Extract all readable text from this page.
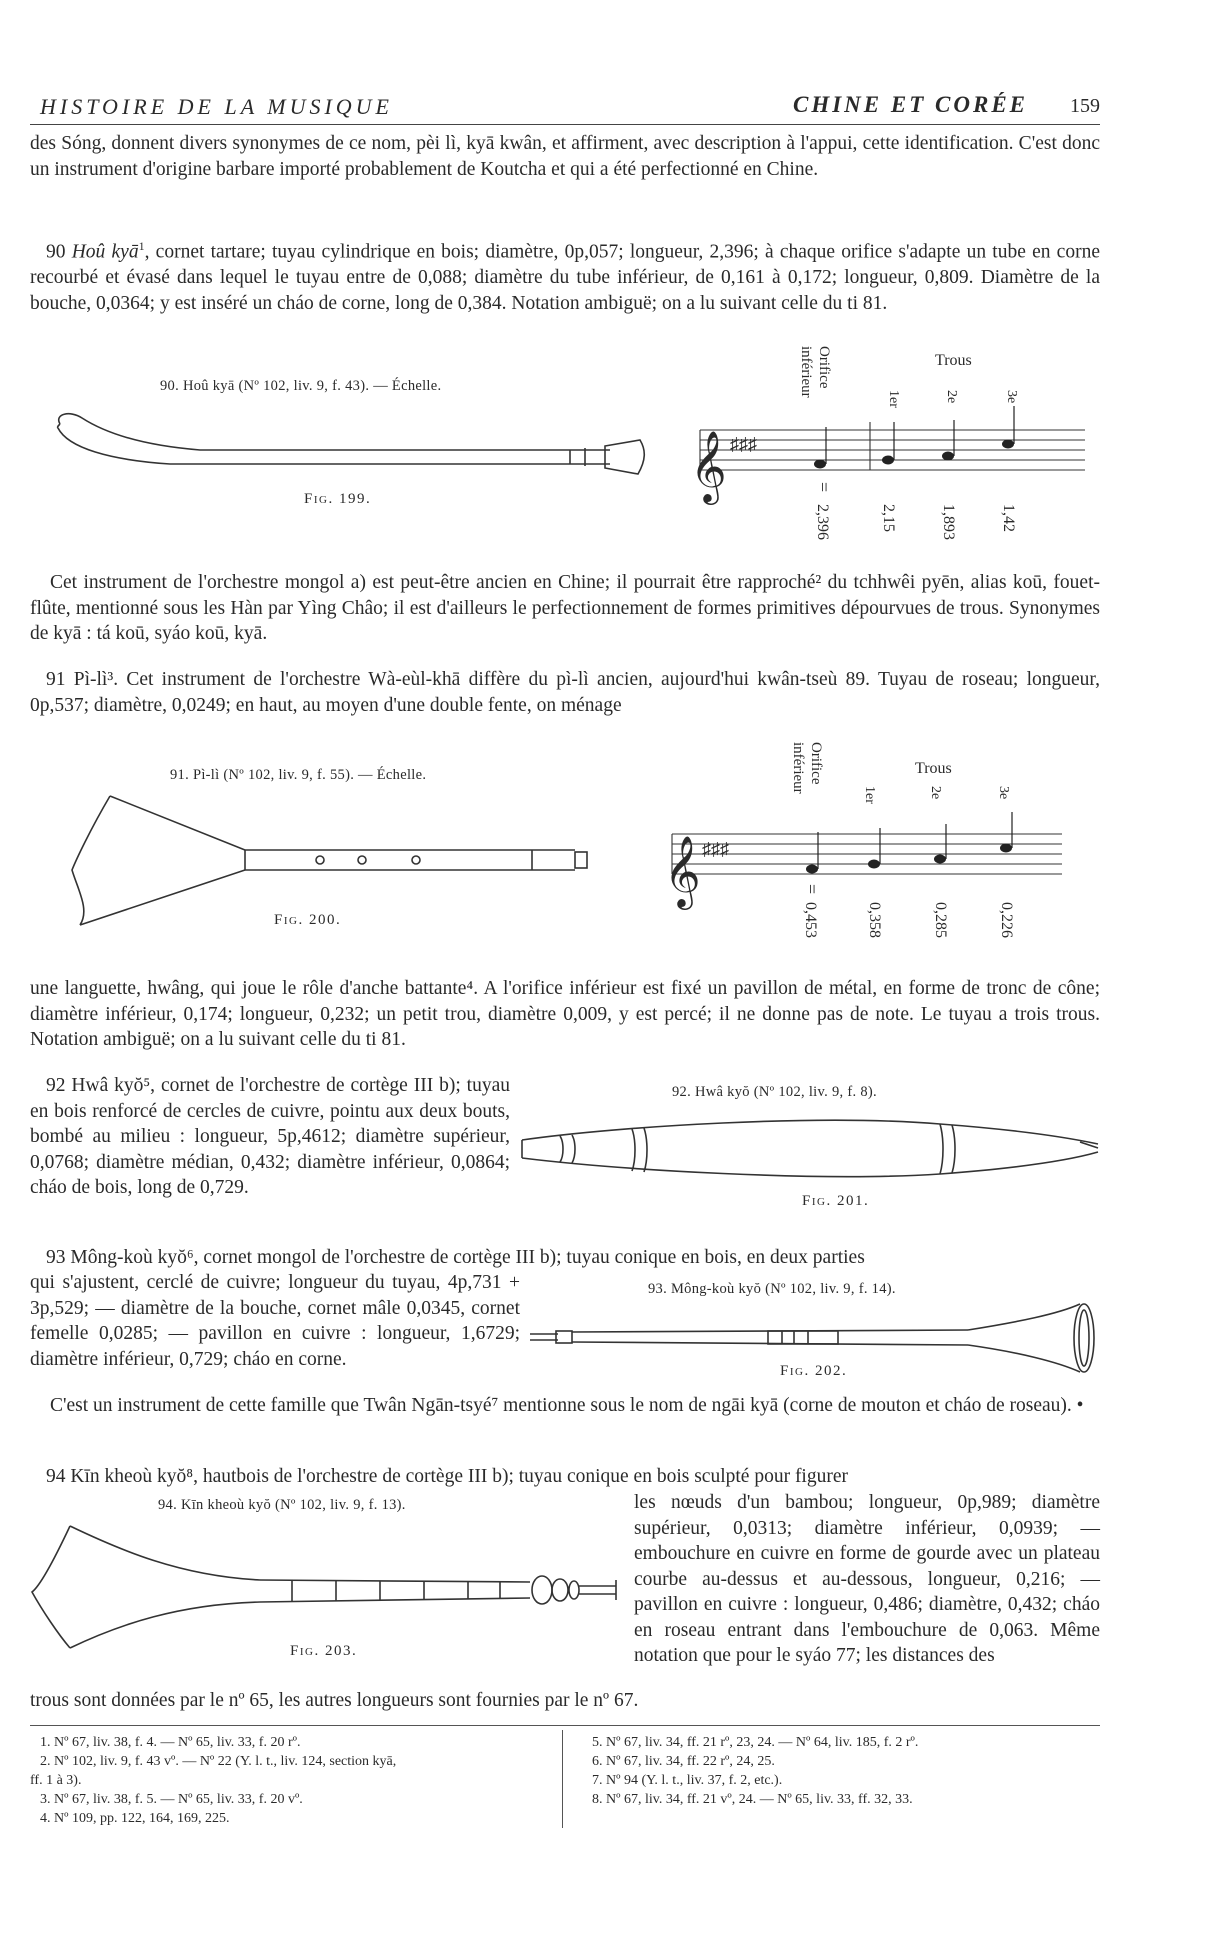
HISTOIRE DE LA MUSIQUE	CHINE ET CORÉE 159

des Sóng, donnent divers synonymes de ce nom, pèi lì, kyā kwân, et affirment, avec description à l'appui, cette identification. C'est donc un instrument d'origine barbare importé probablement de Koutcha et qui a été perfectionné en Chine.

90 Hoû kyā$^1$, cornet tartare; tuyau cylindrique en bois; diamètre, 0p,057; longueur, 2,396; à chaque orifice s'adapte un tube en corne recourbé et évasé dans lequel le tuyau entre de 0,088; diamètre du tube inférieur, de 0,161 à 0,172; longueur, 0,809. Diamètre de la bouche, 0,0364; y est inséré un cháo de corne, long de 0,384. Notation ambiguë; on a lu suivant celle du ti 81.

90. Hoû kyā (Nº 102, liv. 9, f. 43). — Échelle.
Fig. 199.
Orifice
inférieur	Trous
1er	2e	3e
𝄞 ♯♯♯
=
2,396	2,15	1,893	1,42

Cet instrument de l'orchestre mongol a) est peut-être ancien en Chine; il pourrait être rapproché² du tchhwêi pyēn, alias koū, fouet-flûte, mentionné sous les Hàn par Yìng Châo; il est d'ailleurs le perfectionnement de formes primitives dépourvues de trous. Synonymes de kyā : tá koū, syáo koū, kyā.

91 Pì-lì³. Cet instrument de l'orchestre Wà-eùl-khā diffère du pì-lì ancien, aujourd'hui kwân-tseù 89. Tuyau de roseau; longueur, 0p,537; diamètre, 0,0249; en haut, au moyen d'une double fente, on ménage

91. Pì-lì (Nº 102, liv. 9, f. 55). — Échelle.
Fig. 200.
Orifice
inférieur	Trous
1er	2e	3e
𝄞 ♯♯♯
=
0,453	0,358	0,285	0,226

une languette, hwâng, qui joue le rôle d'anche battante⁴. A l'orifice inférieur est fixé un pavillon de métal, en forme de tronc de cône; diamètre inférieur, 0,174; longueur, 0,232; un petit trou, diamètre 0,009, y est percé; il ne donne pas de note. Le tuyau a trois trous. Notation ambiguë; on a lu suivant celle du ti 81.

92 Hwâ kyŏ⁵, cornet de l'orchestre de cortège III b); tuyau en bois renforcé de cercles de cuivre, pointu aux deux bouts, bombé au milieu : longueur, 5p,4612; diamètre supérieur, 0,0768; diamètre médian, 0,432; diamètre inférieur, 0,0864; cháo de bois, long de 0,729.

92. Hwâ kyŏ (Nº 102, liv. 9, f. 8).
Fig. 201.

93 Mông-koù kyŏ⁶, cornet mongol de l'orchestre de cortège III b); tuyau conique en bois, en deux parties

qui s'ajustent, cerclé de cuivre; longueur du tuyau, 4p,731 + 3p,529; — diamètre de la bouche, cornet mâle 0,0345, cornet femelle 0,0285; — pavillon en cuivre : longueur, 1,6729; diamètre inférieur, 0,729; cháo en corne.

93. Mông-koù kyŏ (Nº 102, liv. 9, f. 14).
Fig. 202.

C'est un instrument de cette famille que Twân Ngān-tsyé⁷ mentionne sous le nom de ngāi kyā (corne de mouton et cháo de roseau). •

94 Kīn kheoù kyŏ⁸, hautbois de l'orchestre de cortège III b); tuyau conique en bois sculpté pour figurer

94. Kīn kheoù kyŏ (Nº 102, liv. 9, f. 13).
Fig. 203.

les nœuds d'un bambou; longueur, 0p,989; diamètre supérieur, 0,0313; diamètre inférieur, 0,0939; — embouchure en cuivre en forme de gourde avec un plateau courbe au-dessus et au-dessous, longueur, 0,216; — pavillon en cuivre : longueur, 0,486; diamètre, 0,432; cháo en roseau entrant dans l'embouchure de 0,063. Même notation que pour le syáo 77; les distances des

trous sont données par le nº 65, les autres longueurs sont fournies par le nº 67.

1. Nº 67, liv. 38, f. 4. — Nº 65, liv. 33, f. 20 rº.
2. Nº 102, liv. 9, f. 43 vº. — Nº 22 (Y. l. t., liv. 124, section kyā,
ff. 1 à 3).
3. Nº 67, liv. 38, f. 5. — Nº 65, liv. 33, f. 20 vº.
4. Nº 109, pp. 122, 164, 169, 225.
5. Nº 67, liv. 34, ff. 21 rº, 23, 24. — Nº 64, liv. 185, f. 2 rº.
6. Nº 67, liv. 34, ff. 22 rº, 24, 25.
7. Nº 94 (Y. l. t., liv. 37, f. 2, etc.).
8. Nº 67, liv. 34, ff. 21 vº, 24. — Nº 65, liv. 33, ff. 32, 33.
